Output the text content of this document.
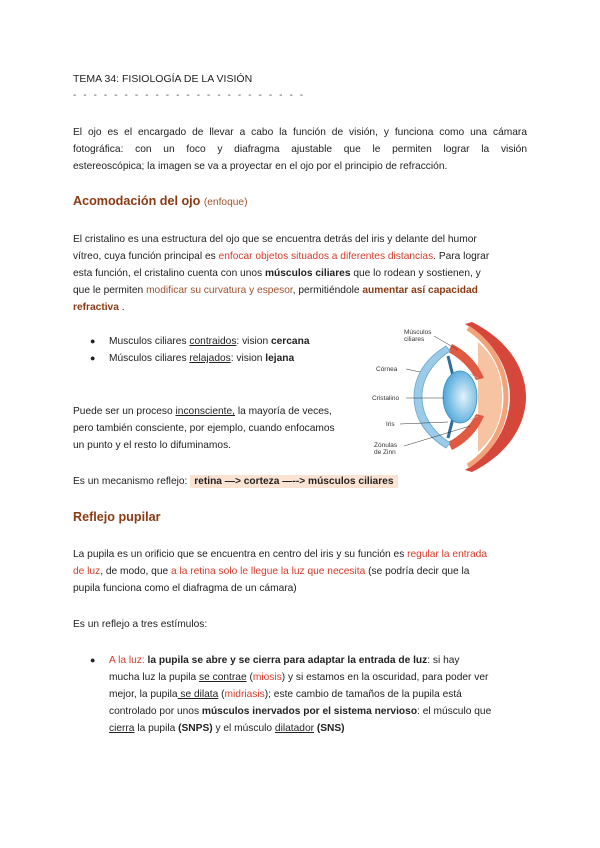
TEMA 34: FISIOLOGÍA DE LA VISIÓN
- - - - - - - - - - - - - - - - - - - - - - -
El ojo es el encargado de llevar a cabo la función de visión, y funciona como una cámara
fotográfica: con un foco y diafragma ajustable que le permiten lograr la visión
estereoscópica; la imagen se va a proyectar en el ojo por el principio de refracción.
Acomodación del ojo (enfoque)
El cristalino es una estructura del ojo que se encuentra detrás del iris y delante del humor
vítreo, cuya función principal es enfocar objetos situados a diferentes distancias. Para lograr
esta función, el cristalino cuenta con unos músculos ciliares que lo rodean y sostienen, y
que le permiten modificar su curvatura y espesor, permitiéndole aumentar así capacidad
refractiva .
● Musculos ciliares contraidos: vision cercana
● Músculos ciliares relajados: vision lejana
Puede ser un proceso inconsciente, la mayoría de veces,
pero también consciente, por ejemplo, cuando enfocamos
un punto y el resto lo difuminamos.
Es un mecanismo reflejo: retina —> corteza —--> músculos ciliares
Músculos
ciliares
Córnea
Cristalino
Iris
Zónulas
de Zinn
Reflejo pupilar
La pupila es un orificio que se encuentra en centro del iris y su función es regular la entrada
de luz, de modo, que a la retina solo le llegue la luz que necesita (se podría decir que la
pupila funciona como el diafragma de un cámara)
Es un reflejo a tres estímulos:
● A la luz: la pupila se abre y se cierra para adaptar la entrada de luz: si hay
mucha luz la pupila se contrae (miosis) y si estamos en la oscuridad, para poder ver
mejor, la pupila se dilata (midriasis); este cambio de tamaños de la pupila está
controlado por unos músculos inervados por el sistema nervioso: el músculo que
cierra la pupila (SNPS) y el músculo dilatador (SNS)
